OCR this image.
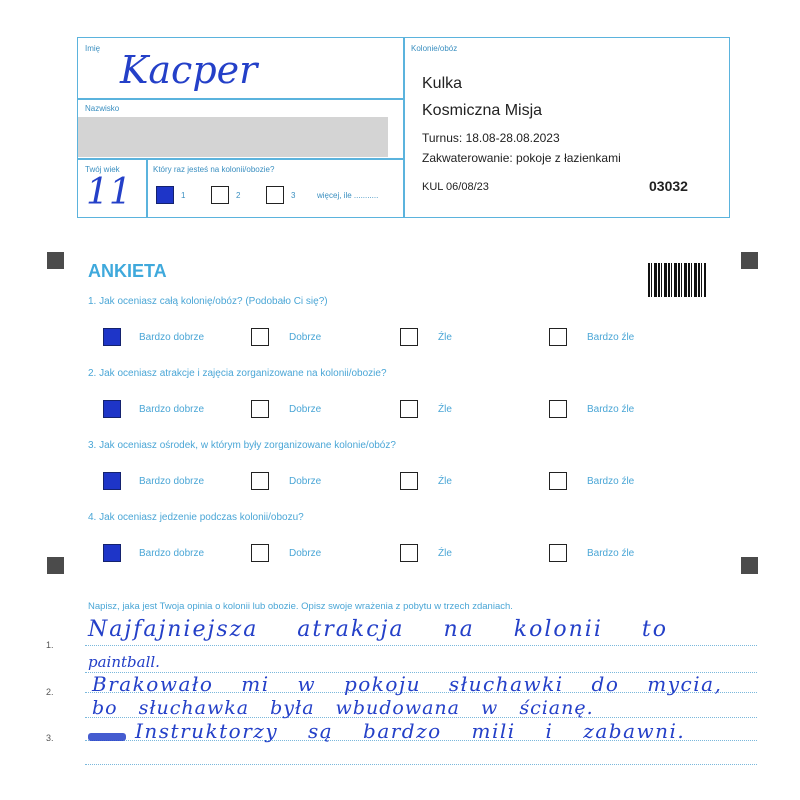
Imię Kacper
Nazwisko
Twój wiek
11
Który raz jesteś na kolonii/obozie?
1	2	3	więcej, ile ...........
Kolonie/obóz
Kulka
Kosmiczna Misja
Turnus: 18.08-28.08.2023
Zakwaterowanie: pokoje z łazienkami
KUL 06/08/23	03032
ANKIETA
1. Jak oceniasz całą kolonię/obóz? (Podobało Ci się?)
Bardzo dobrze	Dobrze	Źle	Bardzo źle
2. Jak oceniasz atrakcje i zajęcia zorganizowane na kolonii/obozie?
Bardzo dobrze	Dobrze	Źle	Bardzo źle
3. Jak oceniasz ośrodek, w którym były zorganizowane kolonie/obóz?
Bardzo dobrze	Dobrze	Źle	Bardzo źle
4. Jak oceniasz jedzenie podczas kolonii/obozu?
Bardzo dobrze	Dobrze	Źle	Bardzo źle
Napisz, jaka jest Twoja opinia o kolonii lub obozie. Opisz swoje wrażenia z pobytu w trzech zdaniach.
1.
2.
3.
Najfajniejsza atrakcja na kolonii to
paintball.
Brakowało mi w pokoju słuchawki do mycia,
bo słuchawka była wbudowana w ścianę.
Instruktorzy są bardzo mili i zabawni.
